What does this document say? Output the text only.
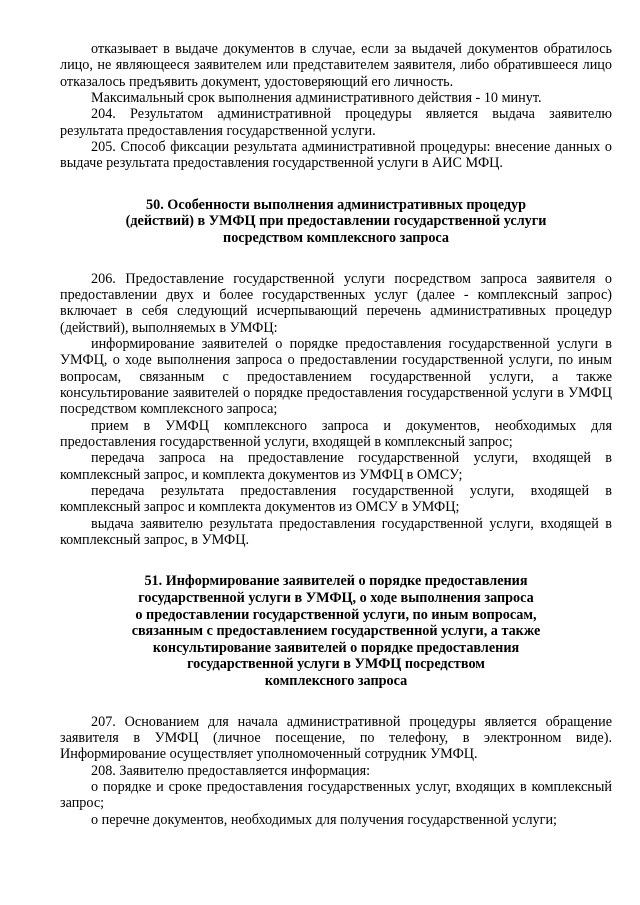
отказывает в выдаче документов в случае, если за выдачей документов обратилось лицо, не являющееся заявителем или представителем заявителя, либо обратившееся лицо отказалось предъявить документ, удостоверяющий его личность.

Максимальный срок выполнения административного действия - 10 минут.

204. Результатом административной процедуры является выдача заявителю результата предоставления государственной услуги.

205. Способ фиксации результата административной процедуры: внесение данных о выдаче результата предоставления государственной услуги в АИС МФЦ.

50. Особенности выполнения административных процедур

(действий) в УМФЦ при предоставлении государственной услуги

посредством комплексного запроса

206. Предоставление государственной услуги посредством запроса заявителя о предоставлении двух и более государственных услуг (далее - комплексный запрос) включает в себя следующий исчерпывающий перечень административных процедур (действий), выполняемых в УМФЦ:

информирование заявителей о порядке предоставления государственной услуги в УМФЦ, о ходе выполнения запроса о предоставлении государственной услуги, по иным вопросам, связанным с предоставлением государственной услуги, а также консультирование заявителей о порядке предоставления государственной услуги в УМФЦ посредством комплексного запроса;

прием в УМФЦ комплексного запроса и документов, необходимых для предоставления государственной услуги, входящей в комплексный запрос;

передача запроса на предоставление государственной услуги, входящей в комплексный запрос, и комплекта документов из УМФЦ в ОМСУ;

передача результата предоставления государственной услуги, входящей в комплексный запрос и комплекта документов из ОМСУ в УМФЦ;

выдача заявителю результата предоставления государственной услуги, входящей в комплексный запрос, в УМФЦ.

51. Информирование заявителей о порядке предоставления

государственной услуги в УМФЦ, о ходе выполнения запроса

о предоставлении государственной услуги, по иным вопросам,

связанным с предоставлением государственной услуги, а также

консультирование заявителей о порядке предоставления

государственной услуги в УМФЦ посредством

комплексного запроса

207. Основанием для начала административной процедуры является обращение заявителя в УМФЦ (личное посещение, по телефону, в электронном виде). Информирование осуществляет уполномоченный сотрудник УМФЦ.

208. Заявителю предоставляется информация:

о порядке и сроке предоставления государственных услуг, входящих в комплексный запрос;

о перечне документов, необходимых для получения государственной услуги;
